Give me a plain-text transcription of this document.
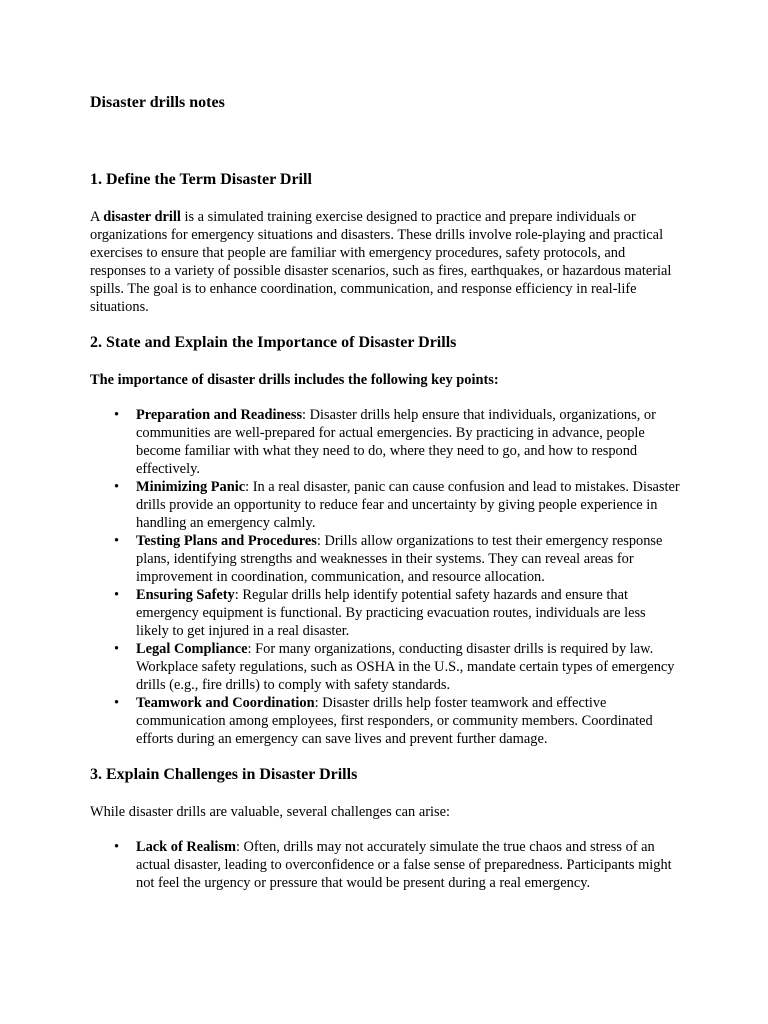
Disaster drills notes
1. Define the Term Disaster Drill

A disaster drill is a simulated training exercise designed to practice and prepare individuals or organizations for emergency situations and disasters. These drills involve role-playing and practical exercises to ensure that people are familiar with emergency procedures, safety protocols, and responses to a variety of possible disaster scenarios, such as fires, earthquakes, or hazardous material spills. The goal is to enhance coordination, communication, and response efficiency in real-life situations.

2. State and Explain the Importance of Disaster Drills

The importance of disaster drills includes the following key points:

• Preparation and Readiness: Disaster drills help ensure that individuals, organizations, or communities are well-prepared for actual emergencies. By practicing in advance, people become familiar with what they need to do, where they need to go, and how to respond effectively.
• Minimizing Panic: In a real disaster, panic can cause confusion and lead to mistakes. Disaster drills provide an opportunity to reduce fear and uncertainty by giving people experience in handling an emergency calmly.
• Testing Plans and Procedures: Drills allow organizations to test their emergency response plans, identifying strengths and weaknesses in their systems. They can reveal areas for improvement in coordination, communication, and resource allocation.
• Ensuring Safety: Regular drills help identify potential safety hazards and ensure that emergency equipment is functional. By practicing evacuation routes, individuals are less likely to get injured in a real disaster.
• Legal Compliance: For many organizations, conducting disaster drills is required by law. Workplace safety regulations, such as OSHA in the U.S., mandate certain types of emergency drills (e.g., fire drills) to comply with safety standards.
• Teamwork and Coordination: Disaster drills help foster teamwork and effective communication among employees, first responders, or community members. Coordinated efforts during an emergency can save lives and prevent further damage.
3. Explain Challenges in Disaster Drills

While disaster drills are valuable, several challenges can arise:

• Lack of Realism: Often, drills may not accurately simulate the true chaos and stress of an actual disaster, leading to overconfidence or a false sense of preparedness. Participants might not feel the urgency or pressure that would be present during a real emergency.
